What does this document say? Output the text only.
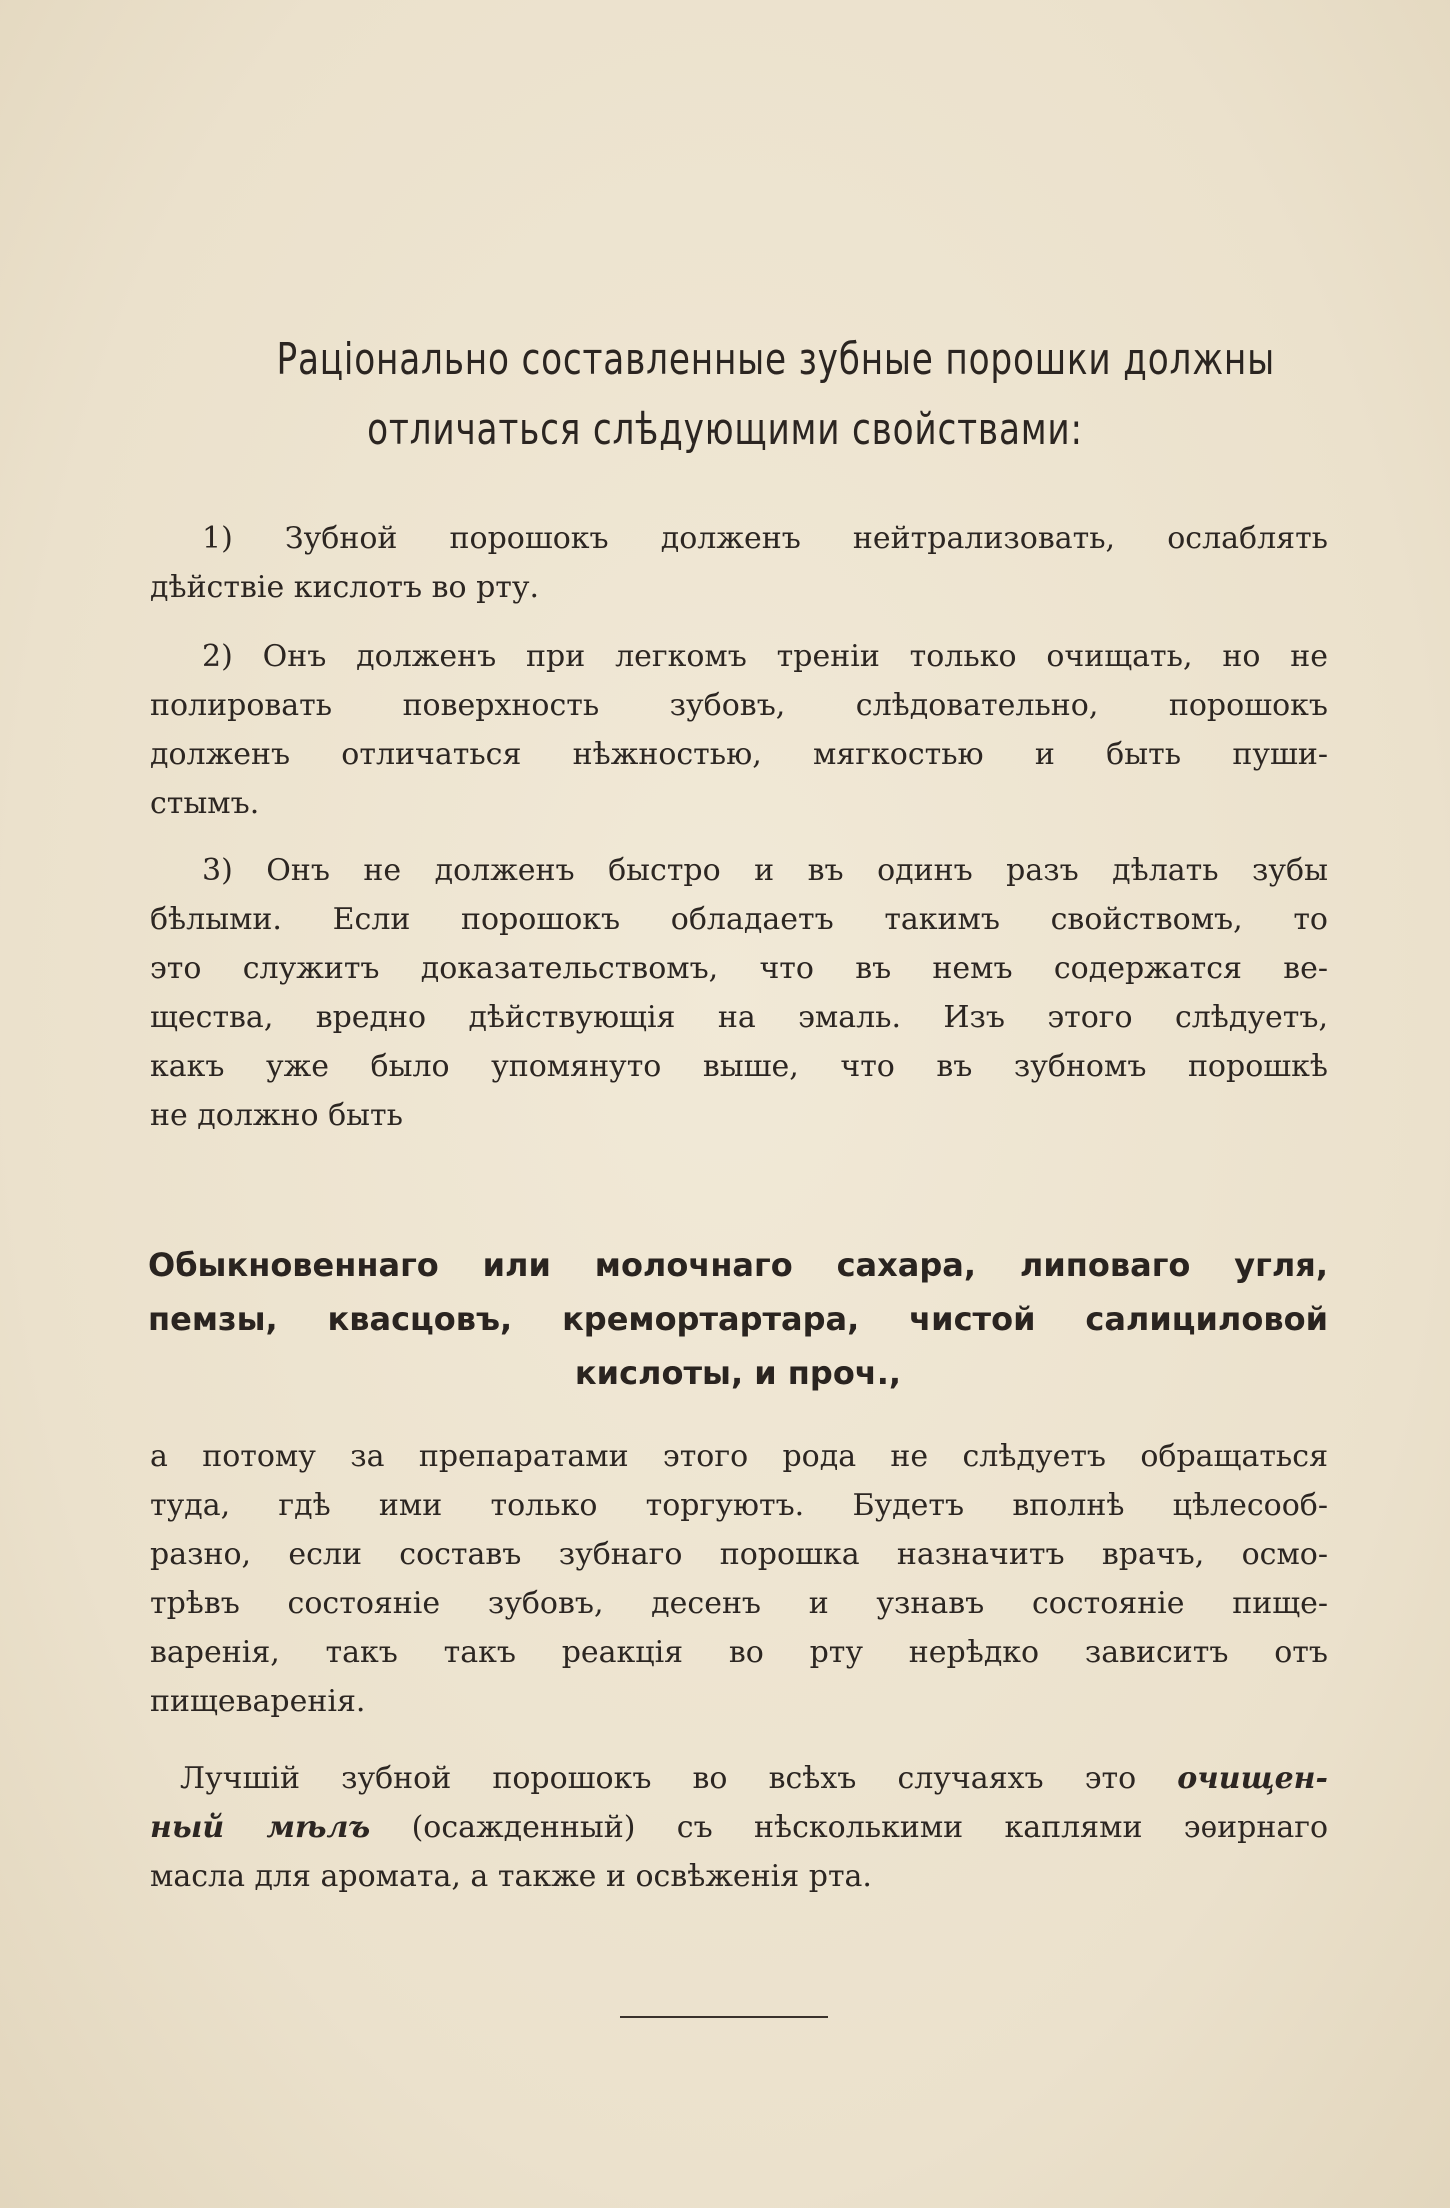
Раціонально составленные зубные порошки должны
отличаться слѣдующими свойствами:
1) Зубной порошокъ долженъ нейтрализовать, ослаблять
дѣйствіе кислотъ во рту.
2) Онъ долженъ при легкомъ треніи только очищать, но не
полировать поверхность зубовъ, слѣдовательно, порошокъ
долженъ отличаться нѣжностью, мягкостью и быть пуши-
стымъ.
3) Онъ не долженъ быстро и въ одинъ разъ дѣлать зубы
бѣлыми. Если порошокъ обладаетъ такимъ свойствомъ, то
это служитъ доказательствомъ, что въ немъ содержатся ве-
щества, вредно дѣйствующія на эмаль. Изъ этого слѣдуетъ,
какъ уже было упомянуто выше, что въ зубномъ порошкѣ
не должно быть
Обыкновеннаго или молочнаго сахара, липоваго угля,
пемзы, квасцовъ, кремортартара, чистой салициловой
кислоты, и проч.,
а потому за препаратами этого рода не слѣдуетъ обращаться
туда, гдѣ ими только торгуютъ. Будетъ вполнѣ цѣлесооб-
разно, если составъ зубнаго порошка назначитъ врачъ, осмо-
трѣвъ состояніе зубовъ, десенъ и узнавъ состояніе пище-
варенія, такъ такъ реакція во рту нерѣдко зависитъ отъ
пищеваренія.
Лучшій зубной порошокъ во всѣхъ случаяхъ это очищен-
ный мѣлъ (осажденный) съ нѣсколькими каплями эѳирнаго
масла для аромата, а также и освѣженія рта.
